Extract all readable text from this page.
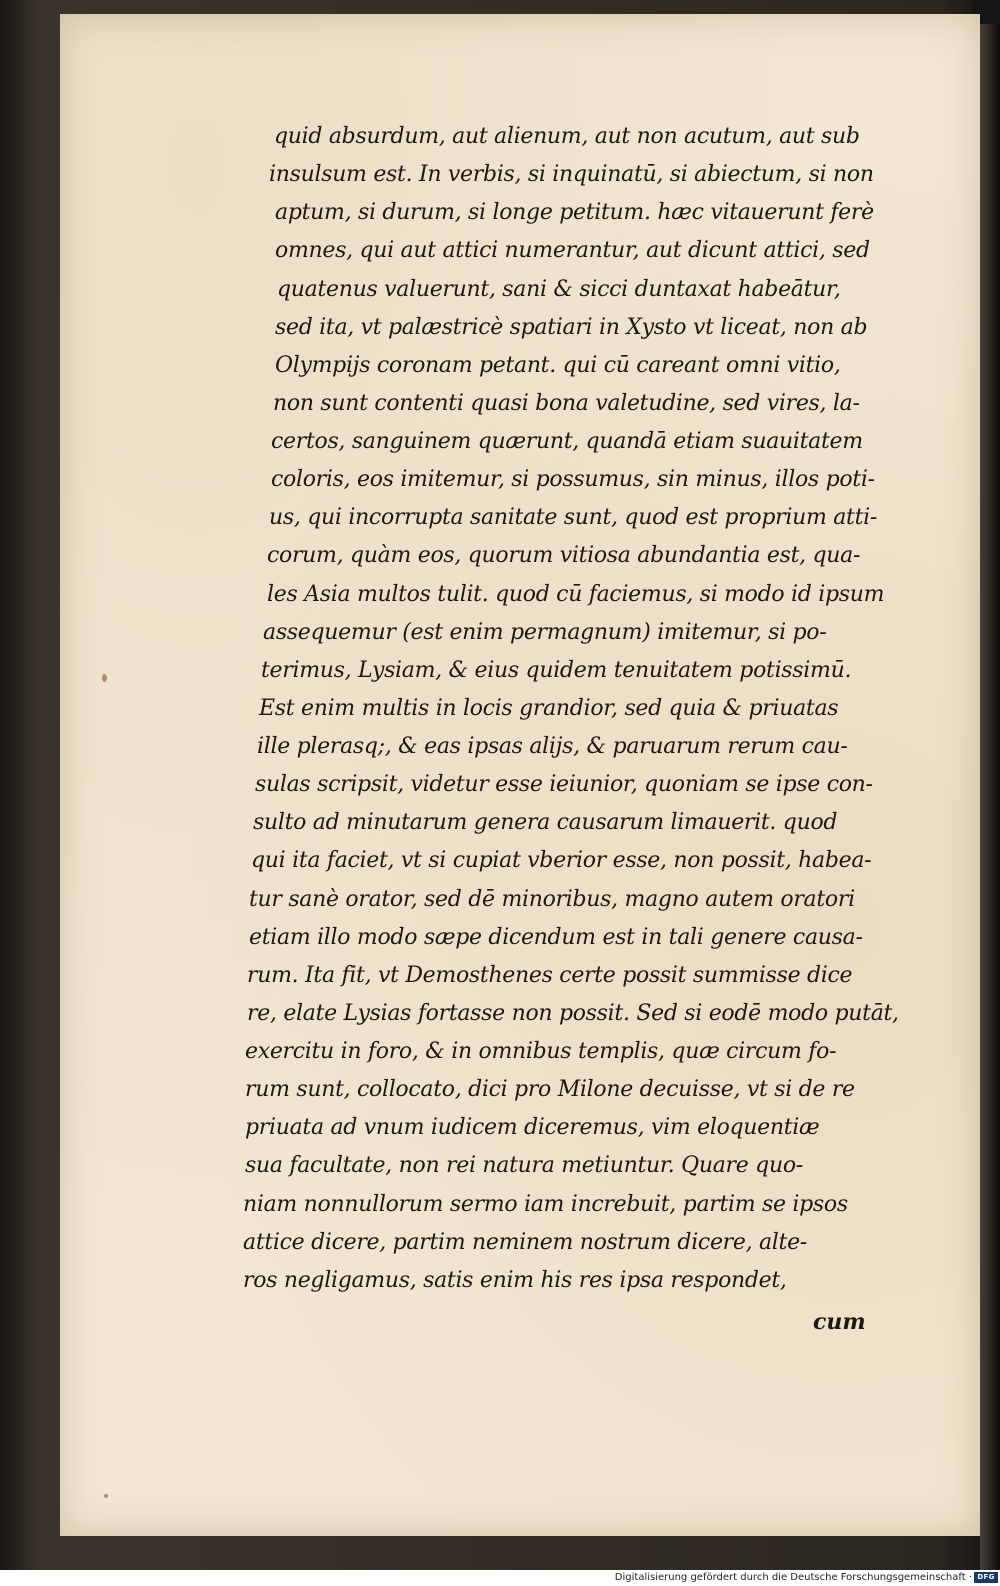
quid absurdum, aut alienum, aut non acutum, aut sub
insulsum est. In verbis, si inquinatū, si abiectum, si non
aptum, si durum, si longe petitum. hæc vitauerunt ferè
omnes, qui aut attici numerantur, aut dicunt attici, sed
quatenus valuerunt, sani & sicci duntaxat habeātur,
sed ita, vt palæstricè spatiari in Xysto vt liceat, non ab
Olympijs coronam petant. qui cū careant omni vitio,
non sunt contenti quasi bona valetudine, sed vires, la-
certos, sanguinem quærunt, quandā etiam suauitatem
coloris, eos imitemur, si possumus, sin minus, illos poti-
us, qui incorrupta sanitate sunt, quod est proprium atti-
corum, quàm eos, quorum vitiosa abundantia est, qua-
les Asia multos tulit. quod cū faciemus, si modo id ipsum
assequemur (est enim permagnum) imitemur, si po-
terimus, Lysiam, & eius quidem tenuitatem potissimū.
Est enim multis in locis grandior, sed quia & priuatas
ille plerasq;, & eas ipsas alijs, & paruarum rerum cau-
sulas scripsit, videtur esse ieiunior, quoniam se ipse con-
sulto ad minutarum genera causarum limauerit. quod
qui ita faciet, vt si cupiat vberior esse, non possit, habea-
tur sanè orator, sed dē minoribus, magno autem oratori
etiam illo modo sæpe dicendum est in tali genere causa-
rum. Ita fit, vt Demosthenes certe possit summisse dice
re, elate Lysias fortasse non possit. Sed si eodē modo putāt,
exercitu in foro, & in omnibus templis, quæ circum fo-
rum sunt, collocato, dici pro Milone decuisse, vt si de re
priuata ad vnum iudicem diceremus, vim eloquentiæ
sua facultate, non rei natura metiuntur. Quare quo-
niam nonnullorum sermo iam increbuit, partim se ipsos
attice dicere, partim neminem nostrum dicere, alte-
ros negligamus, satis enim his res ipsa respondet,
cum
Digitalisierung gefördert durch die Deutsche Forschungsgemeinschaft · DFG
